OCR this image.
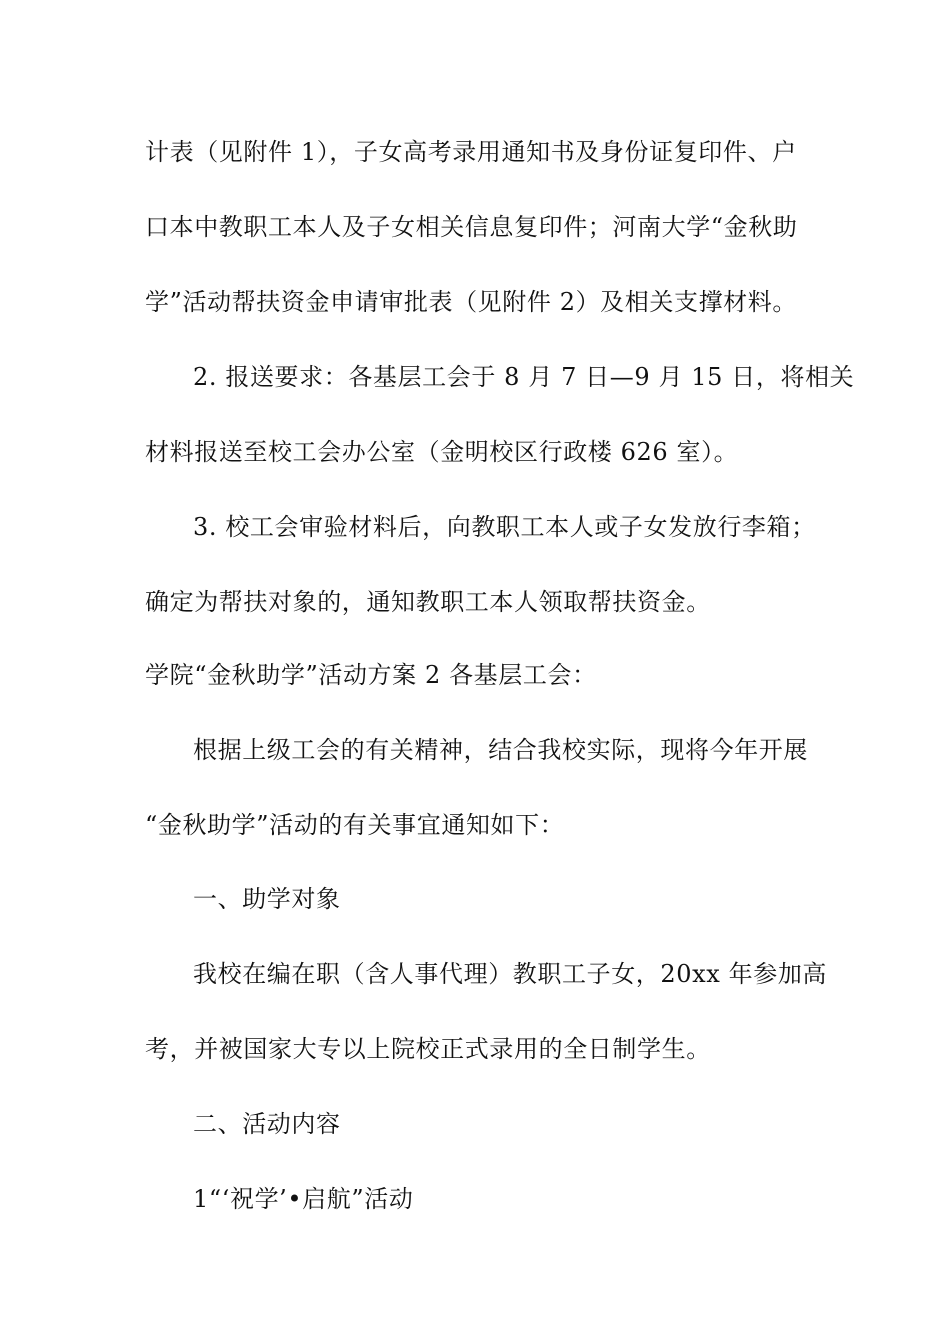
计表（见附件 1），子女高考录用通知书及身份证复印件、户
口本中教职工本人及子女相关信息复印件；河南大学“金秋助
学”活动帮扶资金申请审批表（见附件 2）及相关支撑材料。
2. 报送要求：各基层工会于 8 月 7 日—9 月 15 日，将相关
材料报送至校工会办公室（金明校区行政楼 626 室）。
3. 校工会审验材料后，向教职工本人或子女发放行李箱；
确定为帮扶对象的，通知教职工本人领取帮扶资金。
学院“金秋助学”活动方案 2 各基层工会：
根据上级工会的有关精神，结合我校实际，现将今年开展
“金秋助学”活动的有关事宜通知如下：
一、助学对象
我校在编在职（含人事代理）教职工子女，20xx 年参加高
考，并被国家大专以上院校正式录用的全日制学生。
二、活动内容
1“‘祝学’•启航”活动
